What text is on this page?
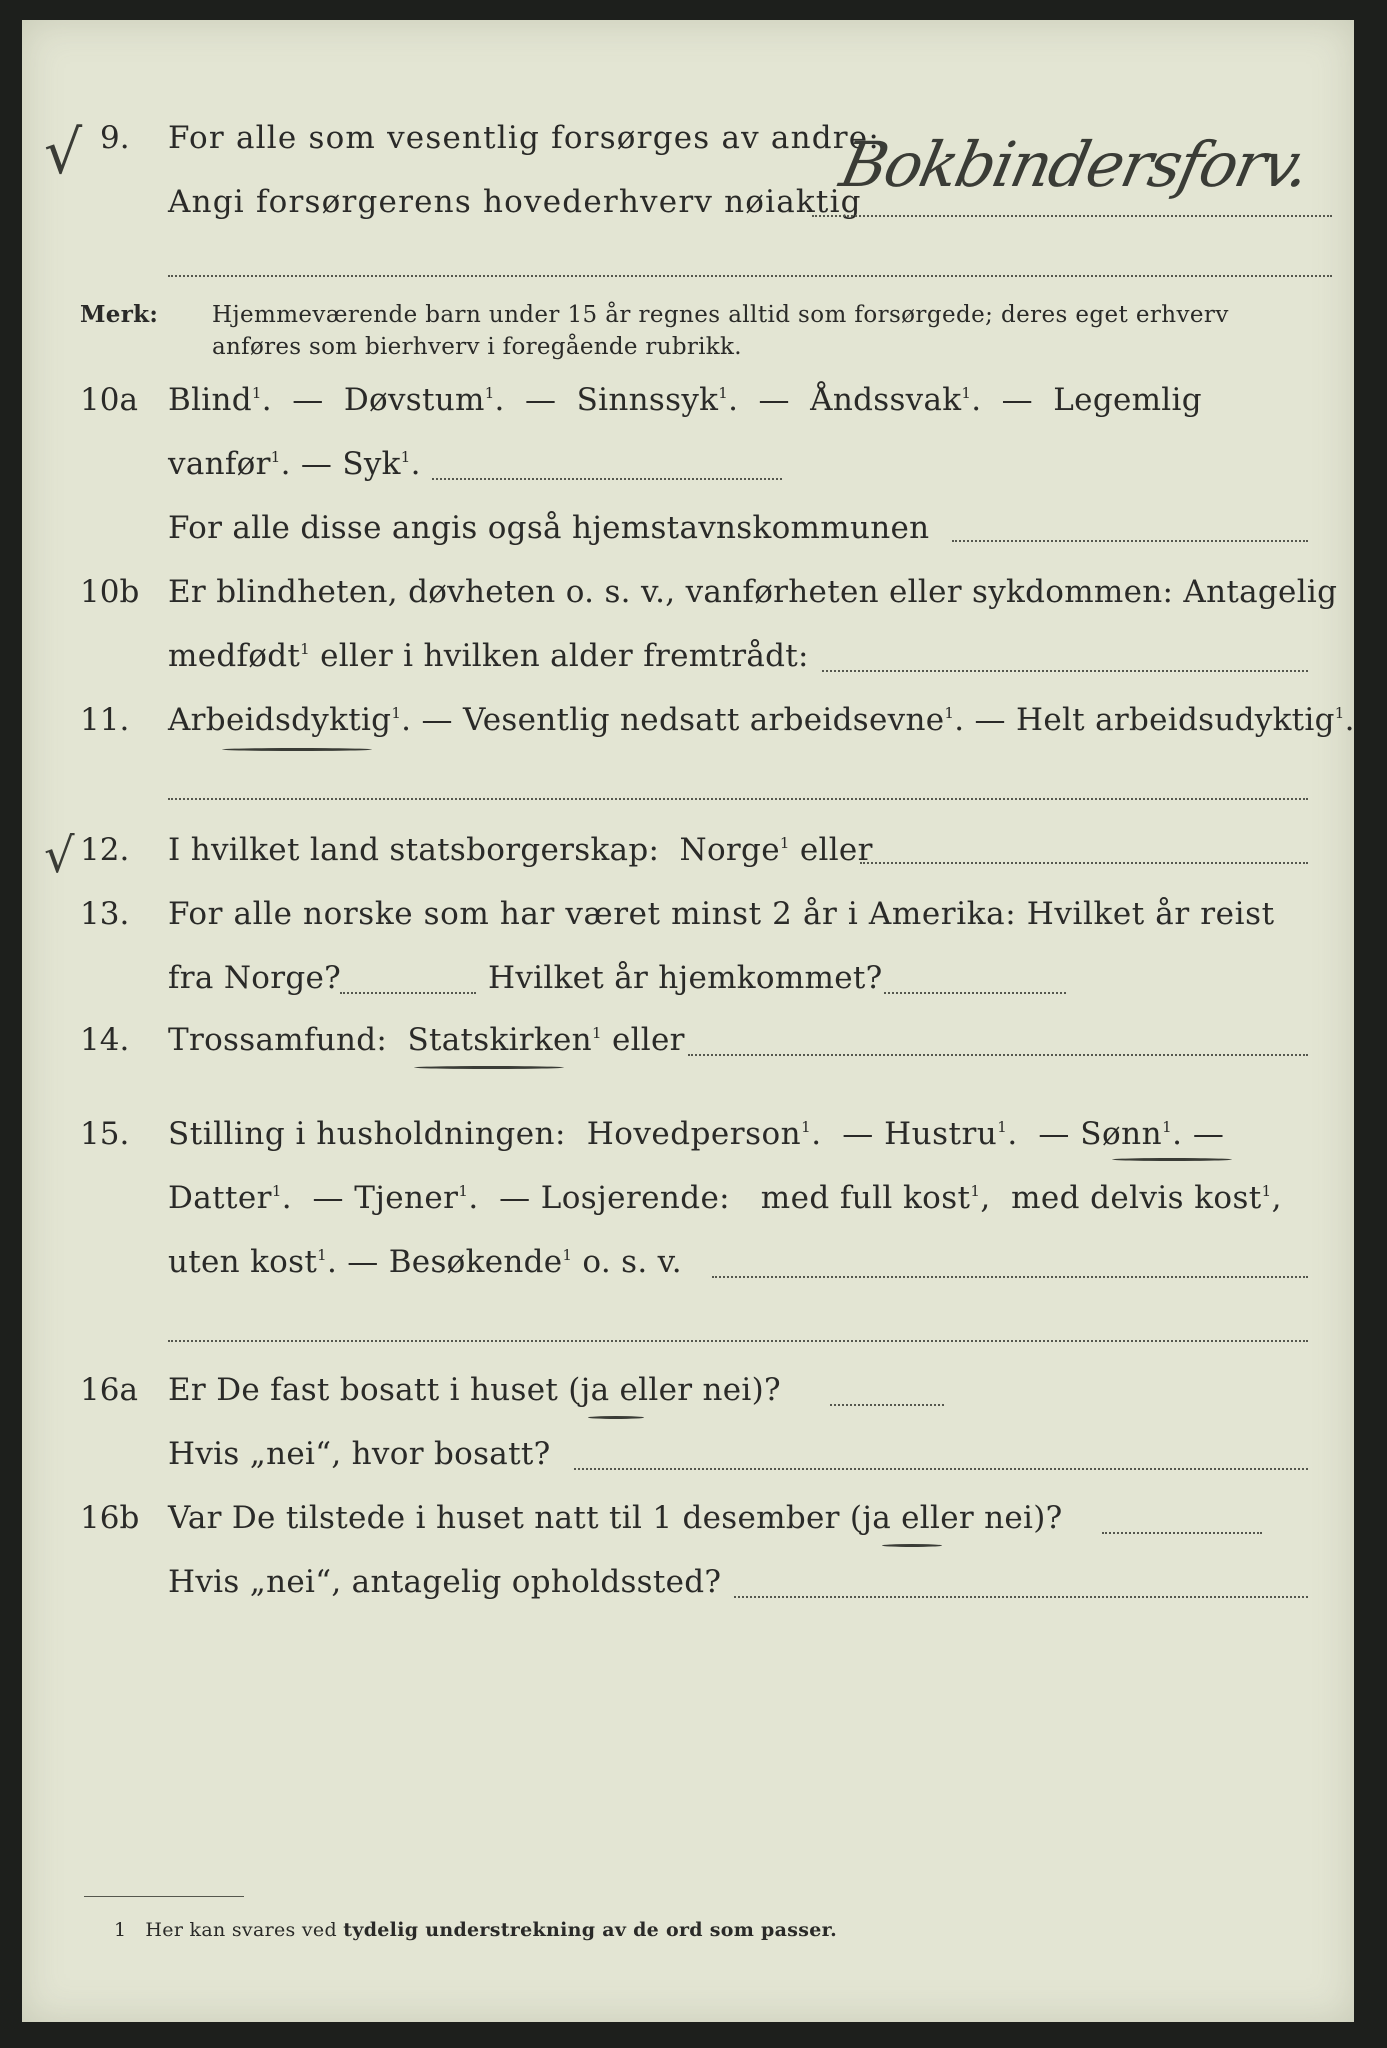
√ 9. For alle som vesentlig forsørges av andre:
Angi forsørgerens hovederhverv nøiaktig
Bokbindersforv.
Merk: Hjemmeværende barn under 15 år regnes alltid som forsørgede; deres eget erhverv
anføres som bierhverv i foregående rubrikk.
10a Blind$^1$.  —  Døvstum$^1$.  —  Sinnssyk$^1$.  —  Åndssvak$^1$.  —  Legemlig
vanfør$^1$. — Syk$^1$.
For alle disse angis også hjemstavnskommunen
10b Er blindheten, døvheten o. s. v., vanførheten eller sykdommen: Antagelig
medfødt$^1$ eller i hvilken alder fremtrådt:
11. Arbeidsdyktig$^1$. — Vesentlig nedsatt arbeidsevne$^1$. — Helt arbeidsudyktig$^1$.
√ 12. I hvilket land statsborgerskap: Norge$^1$ eller
13. For alle norske som har været minst 2 år i Amerika: Hvilket år reist
fra Norge?	Hvilket år hjemkommet?
14. Trossamfund: Statskirken$^1$ eller
15. Stilling i husholdningen: Hovedperson$^1$.  — Hustru$^1$.  — Sønn$^1$. —
Datter$^1$.  — Tjener$^1$.  — Losjerende: med full kost$^1$,  med delvis kost$^1$,
uten kost$^1$. — Besøkende$^1$ o. s. v.
16a Er De fast bosatt i huset (ja eller nei)?
Hvis „nei“, hvor bosatt?
16b Var De tilstede i huset natt til 1 desember (ja eller nei)?
Hvis „nei“, antagelig opholdssted?
1 Her kan svares ved tydelig understrekning av de ord som passer.
